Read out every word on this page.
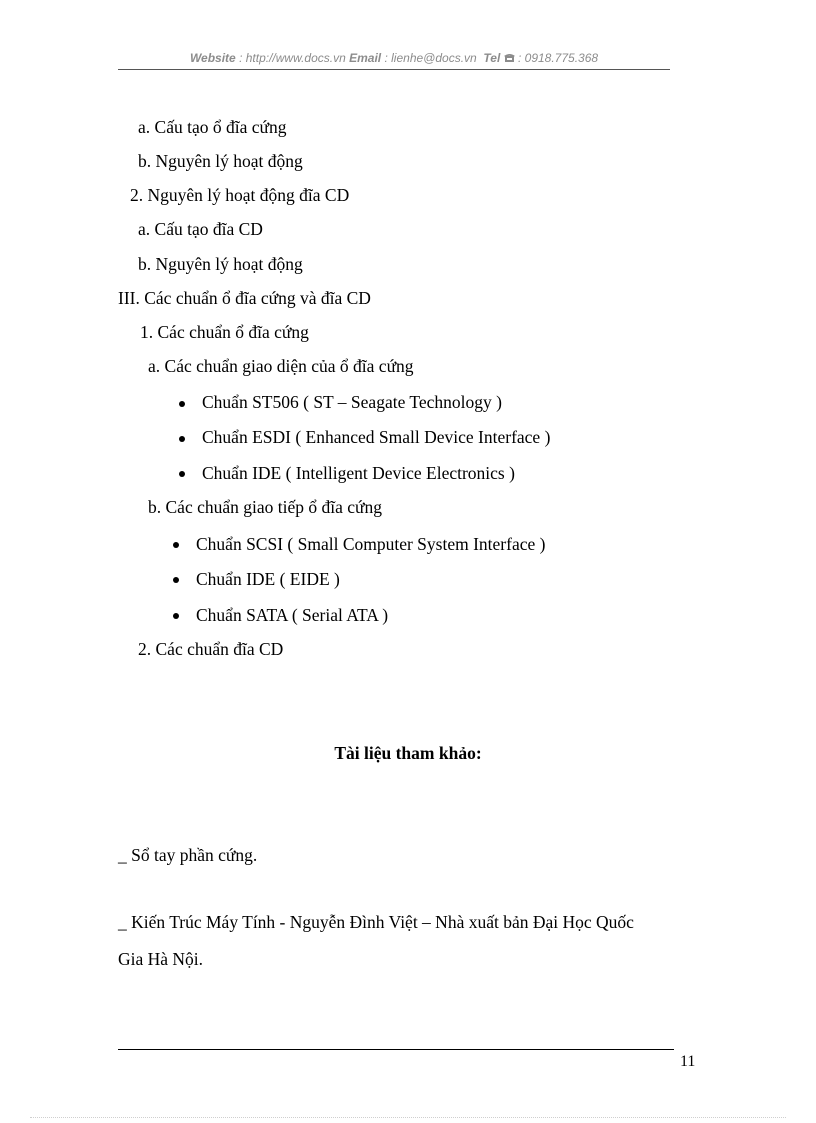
Website : http://www.docs.vn Email : lienhe@docs.vn  Tel  : 0918.775.368
a. Cấu tạo ổ đĩa cứng
b. Nguyên lý hoạt động
2. Nguyên lý hoạt động đĩa CD
a. Cấu tạo đĩa CD
b. Nguyên lý hoạt động
III. Các chuẩn ổ đĩa cứng và đĩa CD
1. Các chuẩn ổ đĩa cứng
a. Các chuẩn giao diện của ổ đĩa cứng
Chuẩn ST506 ( ST – Seagate Technology )
Chuẩn ESDI ( Enhanced Small Device Interface )
Chuẩn IDE ( Intelligent Device Electronics )
b. Các chuẩn giao tiếp ổ đĩa cứng
Chuẩn SCSI ( Small Computer System Interface )
Chuẩn IDE ( EIDE )
Chuẩn SATA ( Serial ATA )
2. Các chuẩn đĩa CD
Tài liệu tham khảo:
_ Sổ tay phần cứng.
_ Kiến Trúc Máy Tính - Nguyễn Đình Việt – Nhà xuất bản Đại Học Quốc
Gia Hà Nội.
11
